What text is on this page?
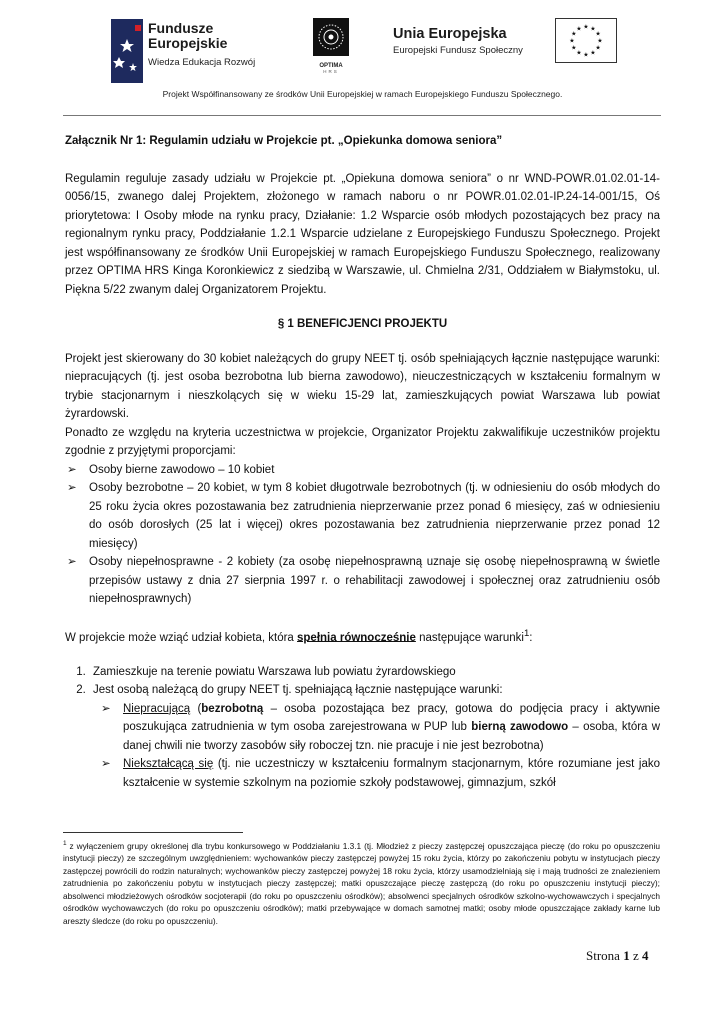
Fundusze
Europejskie
Wiedza Edukacja Rozwój	OPTIMA
HRS
Unia Europejska
Europejski Fundusz Społeczny
★ ★
★
★
★
★
★
★
★
★
★
★
Projekt Współfinansowany ze środków Unii Europejskiej w ramach Europejskiego Funduszu Społecznego.

Załącznik Nr 1: Regulamin udziału w Projekcie pt. „Opiekunka domowa seniora”

Regulamin reguluje zasady udziału w Projekcie pt. „Opiekuna domowa seniora” o nr WND-POWR.01.02.01-14-0056/15, zwanego dalej Projektem, złożonego w ramach naboru o nr POWR.01.02.01-IP.24-14-001/15, Oś priorytetowa: I Osoby młode na rynku pracy, Działanie: 1.2 Wsparcie osób młodych pozostających bez pracy na regionalnym rynku pracy, Poddziałanie 1.2.1 Wsparcie udzielane z Europejskiego Funduszu Społecznego. Projekt jest współfinansowany ze środków Unii Europejskiej w ramach Europejskiego Funduszu Społecznego, realizowany przez OPTIMA HRS Kinga Koronkiewicz z siedzibą w Warszawie, ul. Chmielna 2/31, Oddziałem w Białymstoku, ul. Piękna 5/22 zwanym dalej Organizatorem Projektu.

§ 1 BENEFICJENCI PROJEKTU

Projekt jest skierowany do 30 kobiet należących do grupy NEET tj. osób spełniających łącznie następujące warunki: niepracujących (tj. jest osoba bezrobotna lub bierna zawodowo), nieuczestniczących w kształceniu formalnym w trybie stacjonarnym i nieszkolących się w wieku 15-29 lat, zamieszkujących powiat Warszawa lub powiat żyrardowski.

Ponadto ze względu na kryteria uczestnictwa w projekcie, Organizator Projektu zakwalifikuje uczestników projektu zgodnie z przyjętymi proporcjami:

➢ Osoby bierne zawodowo – 10 kobiet
➢ Osoby bezrobotne – 20 kobiet, w tym 8 kobiet długotrwale bezrobotnych (tj. w odniesieniu do osób młodych do 25 roku życia okres pozostawania bez zatrudnienia nieprzerwanie przez ponad 6 miesięcy, zaś w odniesieniu do osób dorosłych (25 lat i więcej) okres pozostawania bez zatrudnienia nieprzerwanie przez ponad 12 miesięcy)
➢ Osoby niepełnosprawne - 2 kobiety (za osobę niepełnosprawną uznaje się osobę niepełnosprawną w świetle przepisów ustawy z dnia 27 sierpnia 1997 r. o rehabilitacji zawodowej i społecznej oraz zatrudnieniu osób niepełnosprawnych)

W projekcie może wziąć udział kobieta, która spełnia równocześnie następujące warunki$^1$:

1. Zamieszkuje na terenie powiatu Warszawa lub powiatu żyrardowskiego
2. Jest osobą należącą do grupy NEET tj. spełniającą łącznie następujące warunki:
➢ Niepracującą (bezrobotną – osoba pozostająca bez pracy, gotowa do podjęcia pracy i aktywnie poszukująca zatrudnienia w tym osoba zarejestrowana w PUP lub bierną zawodowo – osoba, która w danej chwili nie tworzy zasobów siły roboczej tzn. nie pracuje i nie jest bezrobotna)
➢ Niekształcącą się (tj. nie uczestniczy w kształceniu formalnym stacjonarnym, które rozumiane jest jako kształcenie w systemie szkolnym na poziomie szkoły podstawowej, gimnazjum, szkół
$^1$ z wyłączeniem grupy określonej dla trybu konkursowego w Poddziałaniu 1.3.1 (tj. Młodzież z pieczy zastępczej opuszczająca pieczę (do roku po opuszczeniu instytucji pieczy) ze szczególnym uwzględnieniem: wychowanków pieczy zastępczej powyżej 15 roku życia, którzy po zakończeniu pobytu w instytucjach pieczy zastępczej powrócili do rodzin naturalnych; wychowanków pieczy zastępczej powyżej 18 roku życia, którzy usamodzielniają się i mają trudności ze znalezieniem zatrudnienia po zakończeniu pobytu w instytucjach pieczy zastępczej; matki opuszczające pieczę zastępczą (do roku po opuszczeniu instytucji pieczy); absolwenci młodzieżowych ośrodków socjoterapii (do roku po opuszczeniu ośrodków); absolwenci specjalnych ośrodków szkolno-wychowawczych i specjalnych ośrodków wychowawczych (do roku po opuszczeniu ośrodków); matki przebywające w domach samotnej matki; osoby młode opuszczające zakłady karne lub areszty śledcze (do roku po opuszczeniu).
Strona 1 z 4
